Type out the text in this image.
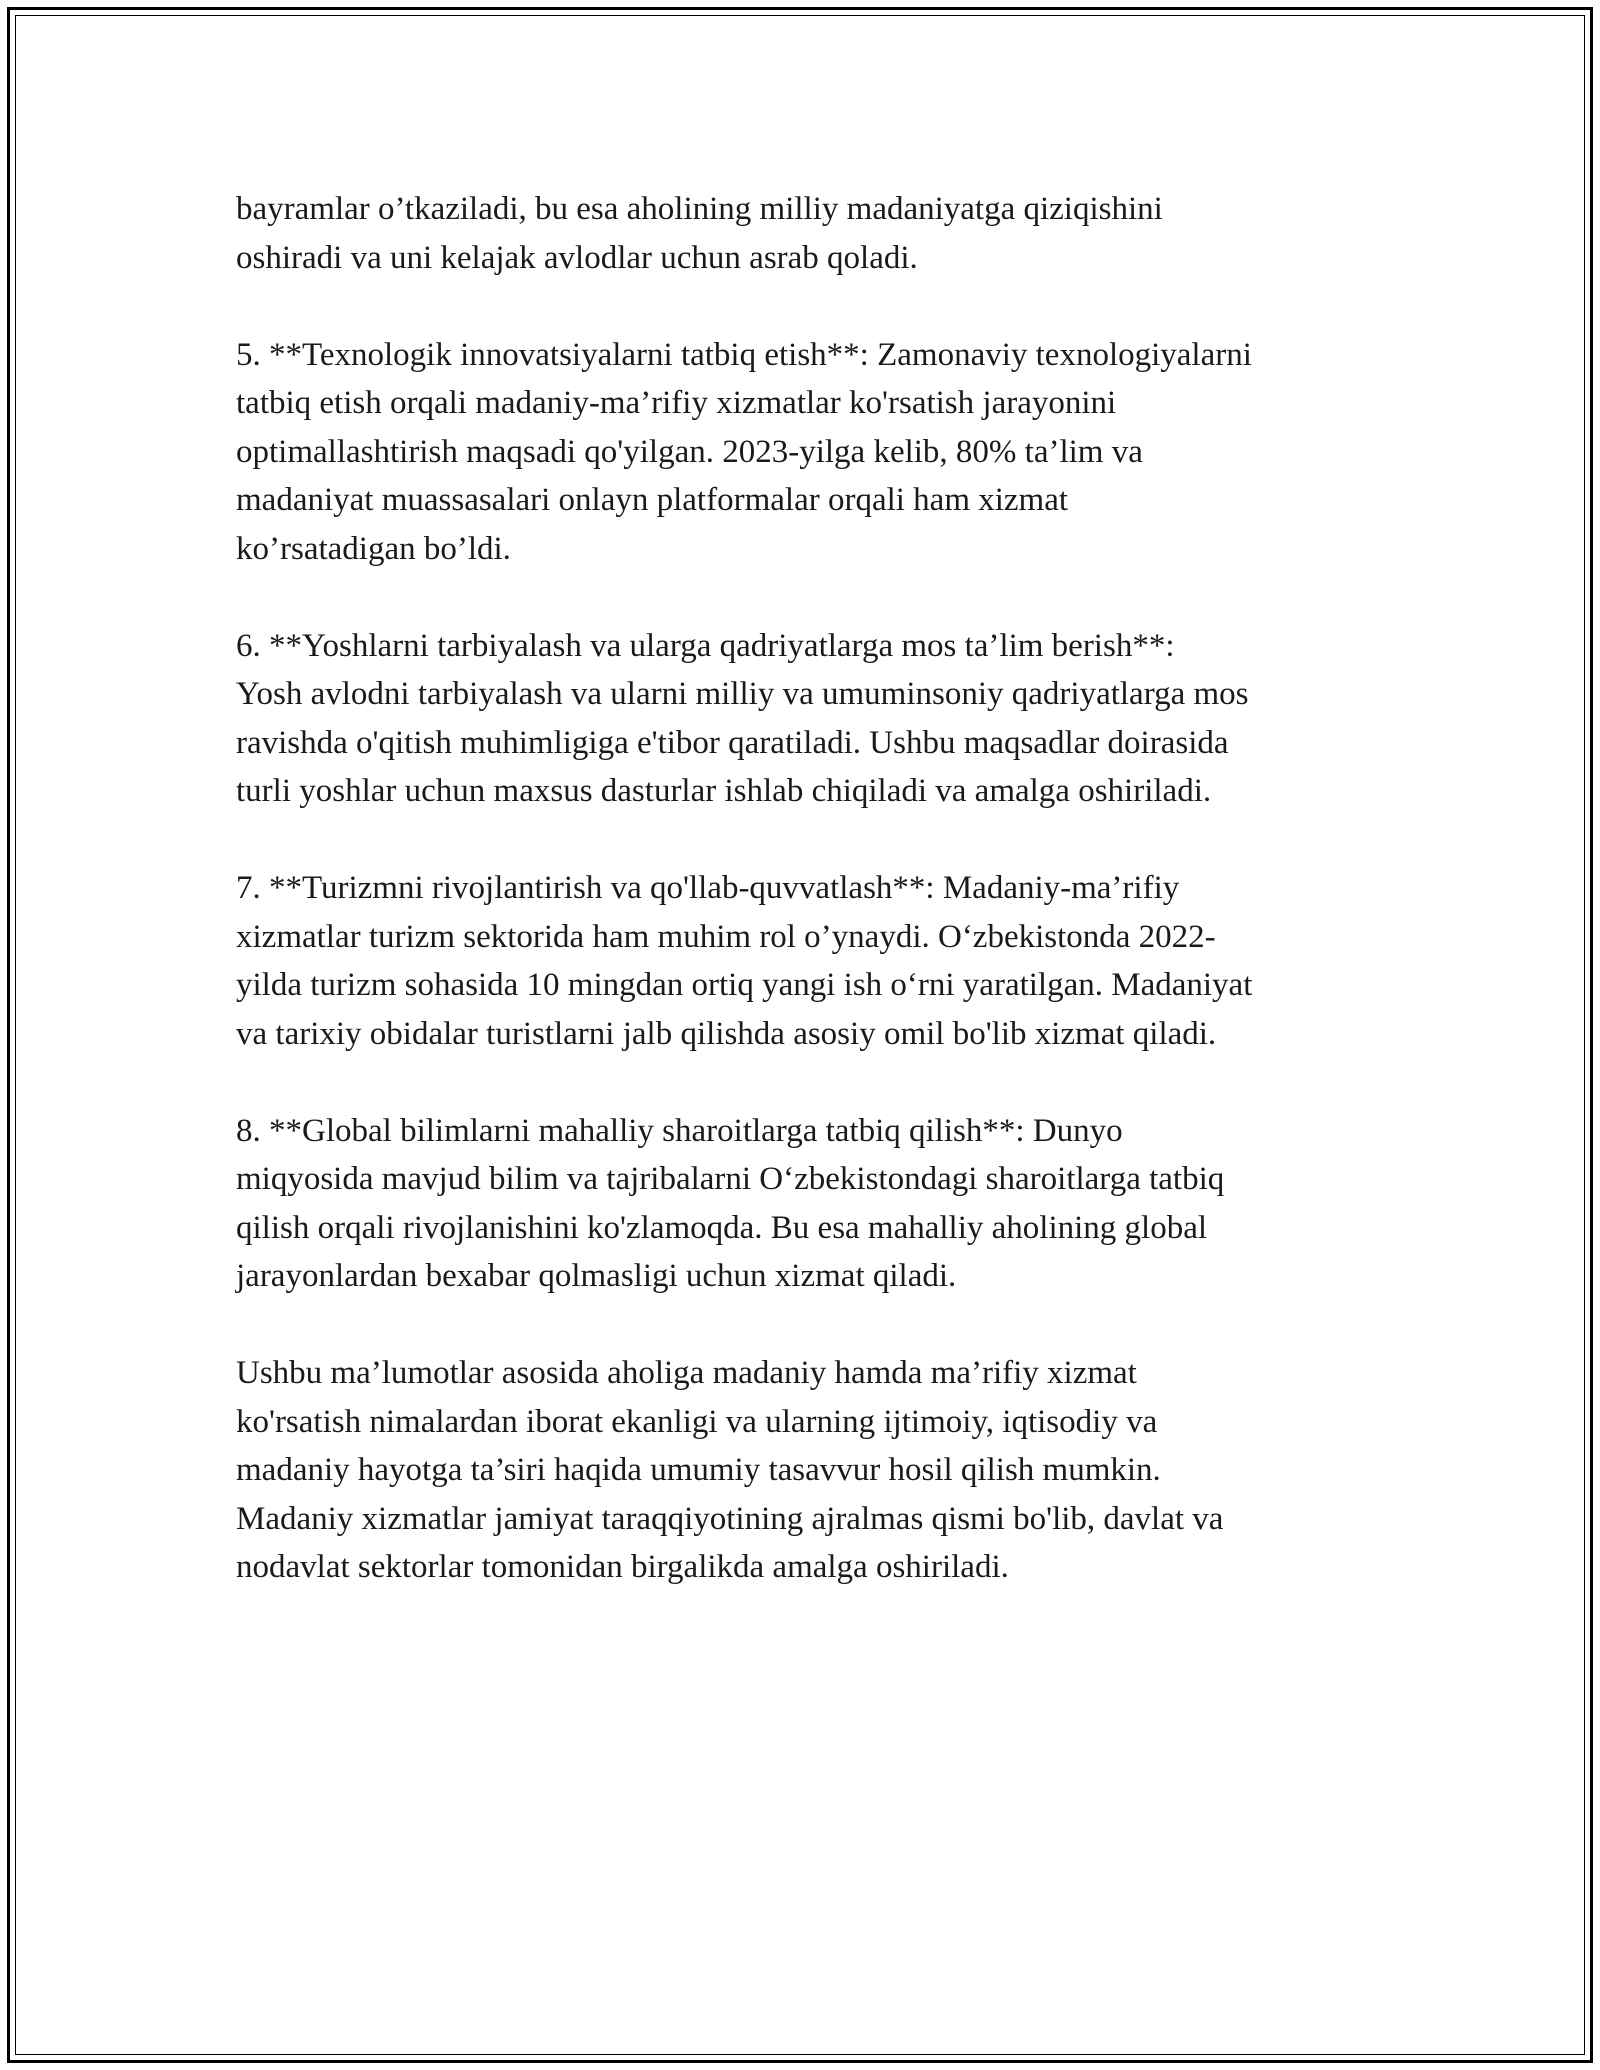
bayramlar o’tkaziladi, bu esa aholining milliy madaniyatga qiziqishini
oshiradi va uni kelajak avlodlar uchun asrab qoladi.

5. **Texnologik innovatsiyalarni tatbiq etish**: Zamonaviy texnologiyalarni
tatbiq etish orqali madaniy-ma’rifiy xizmatlar ko'rsatish jarayonini
optimallashtirish maqsadi qo'yilgan. 2023-yilga kelib, 80% ta’lim va
madaniyat muassasalari onlayn platformalar orqali ham xizmat
ko’rsatadigan bo’ldi.

6. **Yoshlarni tarbiyalash va ularga qadriyatlarga mos ta’lim berish**:
Yosh avlodni tarbiyalash va ularni milliy va umuminsoniy qadriyatlarga mos
ravishda o'qitish muhimligiga e'tibor qaratiladi. Ushbu maqsadlar doirasida
turli yoshlar uchun maxsus dasturlar ishlab chiqiladi va amalga oshiriladi.

7. **Turizmni rivojlantirish va qo'llab-quvvatlash**: Madaniy-ma’rifiy
xizmatlar turizm sektorida ham muhim rol o’ynaydi. O‘zbekistonda 2022-
yilda turizm sohasida 10 mingdan ortiq yangi ish o‘rni yaratilgan. Madaniyat
va tarixiy obidalar turistlarni jalb qilishda asosiy omil bo'lib xizmat qiladi.

8. **Global bilimlarni mahalliy sharoitlarga tatbiq qilish**: Dunyo
miqyosida mavjud bilim va tajribalarni O‘zbekistondagi sharoitlarga tatbiq
qilish orqali rivojlanishini ko'zlamoqda. Bu esa mahalliy aholining global
jarayonlardan bexabar qolmasligi uchun xizmat qiladi.

Ushbu ma’lumotlar asosida aholiga madaniy hamda ma’rifiy xizmat
ko'rsatish nimalardan iborat ekanligi va ularning ijtimoiy, iqtisodiy va
madaniy hayotga ta’siri haqida umumiy tasavvur hosil qilish mumkin.
Madaniy xizmatlar jamiyat taraqqiyotining ajralmas qismi bo'lib, davlat va
nodavlat sektorlar tomonidan birgalikda amalga oshiriladi.
